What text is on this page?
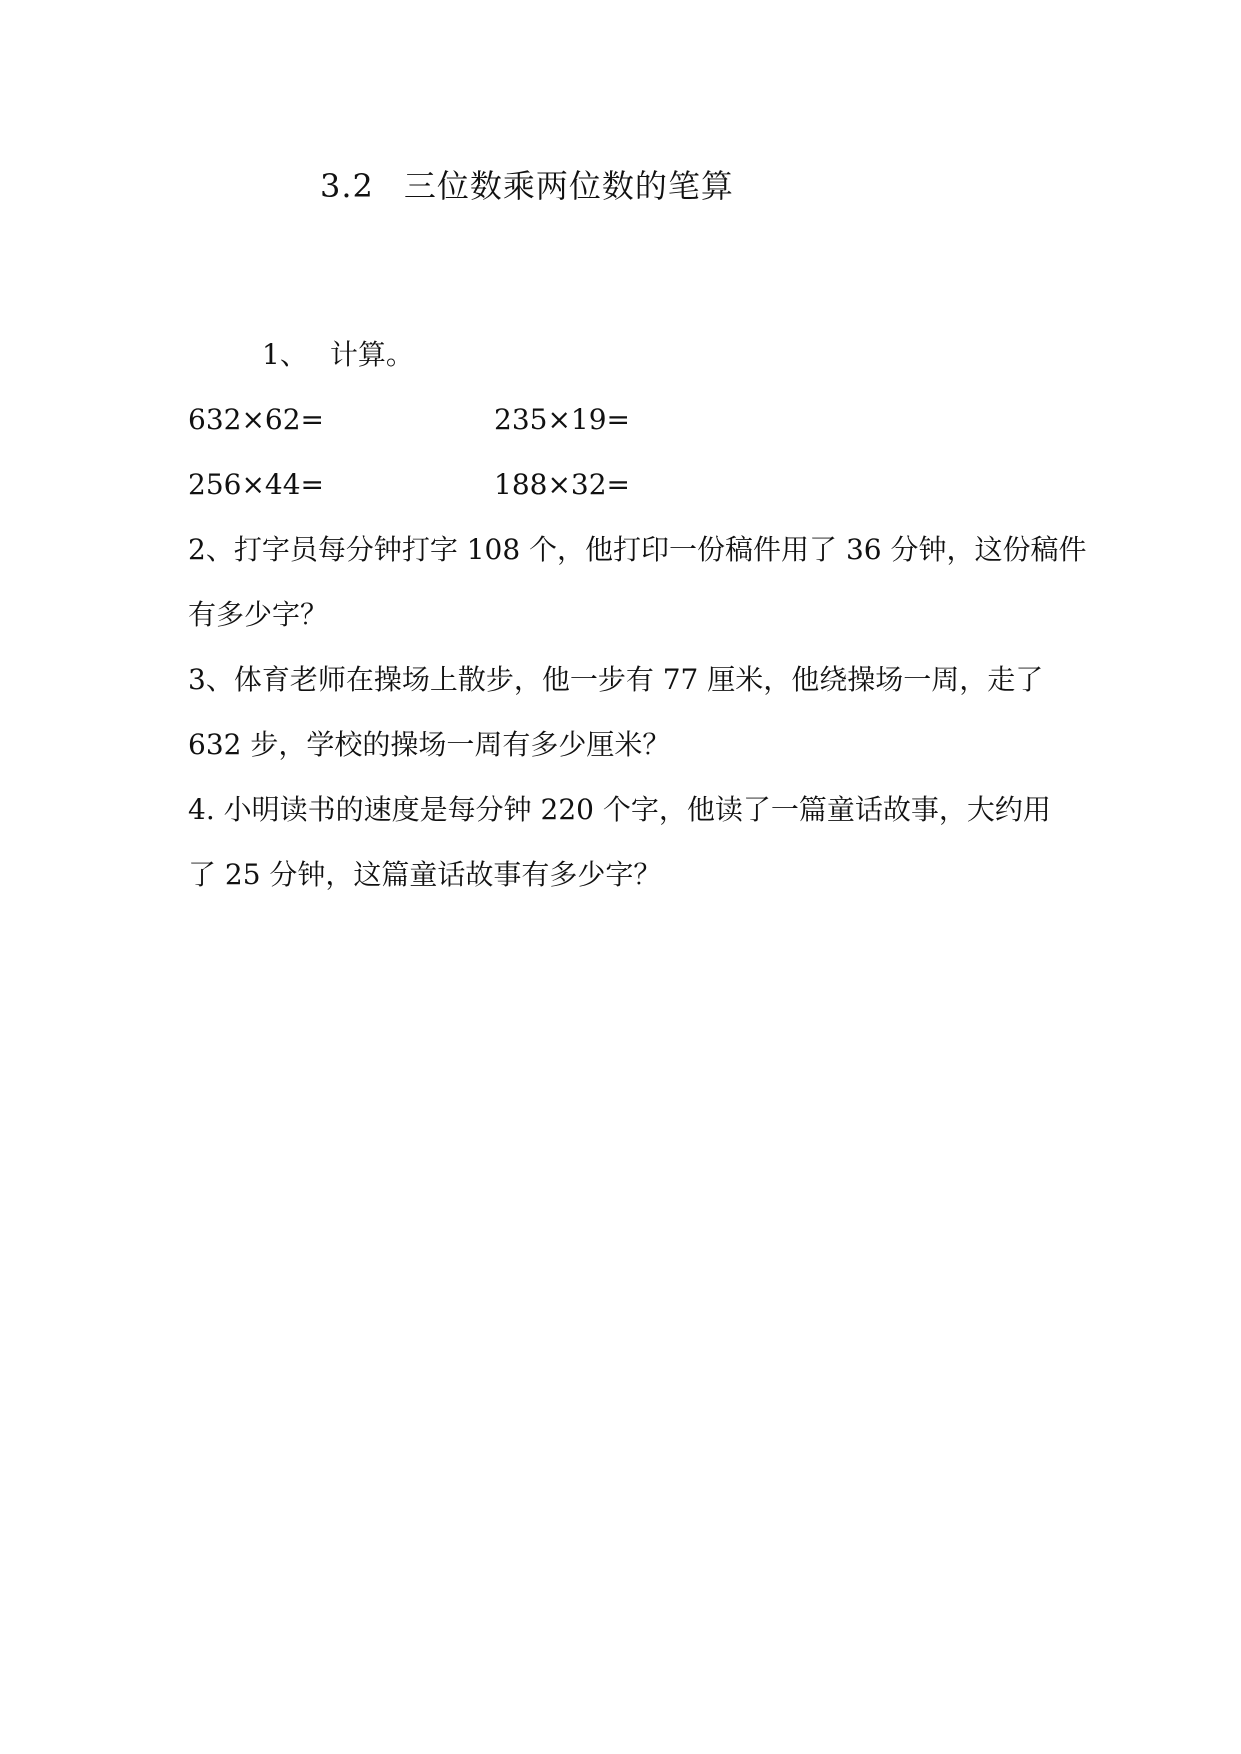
3.2 三位数乘两位数的笔算
1、 计算。
632×62=	235×19=
256×44=	188×32=
2、打字员每分钟打字 108 个，他打印一份稿件用了 36 分钟，这份稿件
有多少字？
3、体育老师在操场上散步，他一步有 77 厘米，他绕操场一周，走了
632 步，学校的操场一周有多少厘米？
4. 小明读书的速度是每分钟 220 个字，他读了一篇童话故事，大约用
了 25 分钟，这篇童话故事有多少字？
